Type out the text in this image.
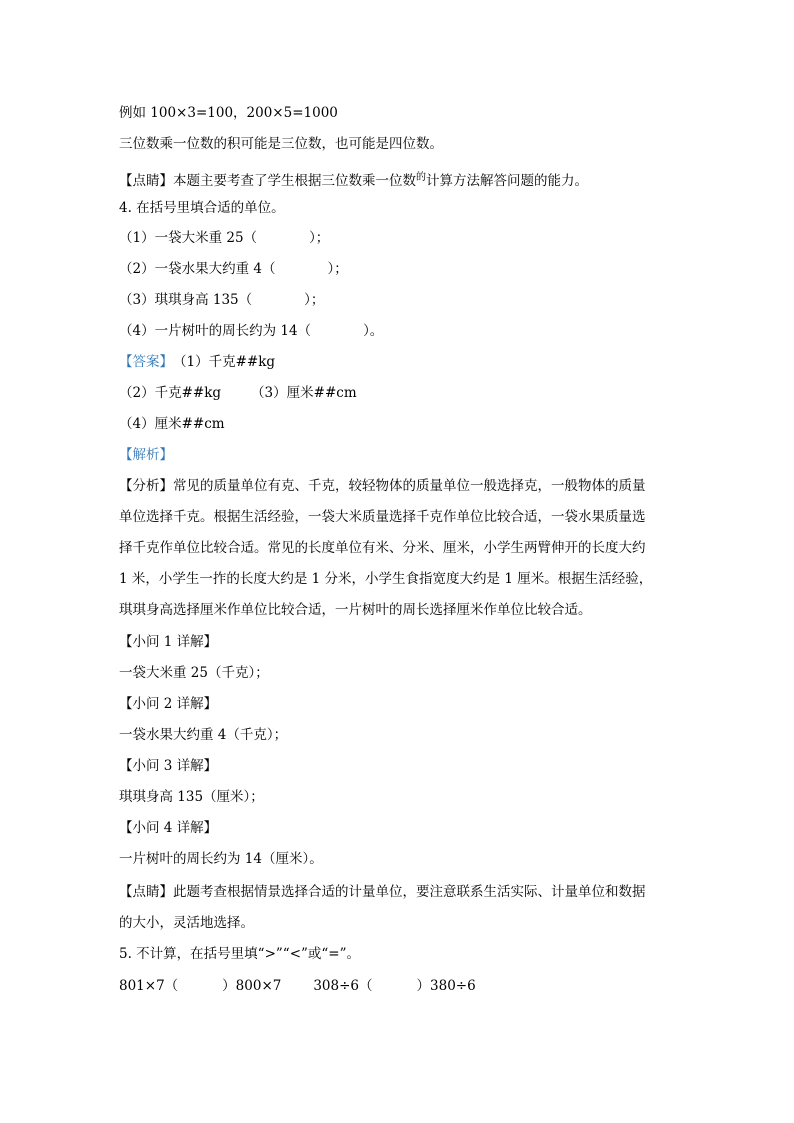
例如 100×3=100，200×5=1000
三位数乘一位数的积可能是三位数，也可能是四位数。
【点睛】本题主要考查了学生根据三位数乘一位数的计算方法解答问题的能力。
4. 在括号里填合适的单位。
（1）一袋大米重 25（	）；
（2）一袋水果大约重 4（	）；
（3）琪琪身高 135（	）；
（4）一片树叶的周长约为 14（	）。
【答案】（1）千克##kg
（2）千克##kg （3）厘米##cm
（4）厘米##cm
【解析】
【分析】常见的质量单位有克、千克，较轻物体的质量单位一般选择克，一般物体的质量
单位选择千克。根据生活经验，一袋大米质量选择千克作单位比较合适，一袋水果质量选
择千克作单位比较合适。常见的长度单位有米、分米、厘米，小学生两臂伸开的长度大约
1 米，小学生一拃的长度大约是 1 分米，小学生食指宽度大约是 1 厘米。根据生活经验，
琪琪身高选择厘米作单位比较合适，一片树叶的周长选择厘米作单位比较合适。
【小问 1 详解】
一袋大米重 25（千克）；
【小问 2 详解】
一袋水果大约重 4（千克）；
【小问 3 详解】
琪琪身高 135（厘米）；
【小问 4 详解】
一片树叶的周长约为 14（厘米）。
【点睛】此题考查根据情景选择合适的计量单位，要注意联系生活实际、计量单位和数据
的大小，灵活地选择。
5. 不计算，在括号里填“>”“<”或“=”。
801×7（	）800×7 308÷6（	）380÷6
